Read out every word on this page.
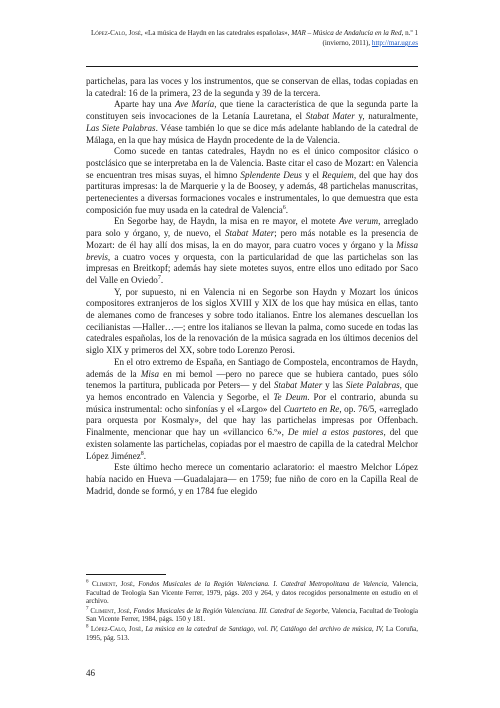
López-Calo, José, «La música de Haydn en las catedrales españolas», MAR – Música de Andalucía en la Red, n.º 1 (invierno, 2011), http://mar.ugr.es

partichelas, para las voces y los instrumentos, que se conservan de ellas, todas copiadas en la catedral: 16 de la primera, 23 de la segunda y 39 de la tercera.

Aparte hay una Ave María, que tiene la característica de que la segunda parte la constituyen seis invocaciones de la Letanía Lauretana, el Stabat Mater y, naturalmente, Las Siete Palabras. Véase también lo que se dice más adelante hablando de la catedral de Málaga, en la que hay música de Haydn procedente de la de Valencia.

Como sucede en tantas catedrales, Haydn no es el único compositor clásico o postclásico que se interpretaba en la de Valencia. Baste citar el caso de Mozart: en Valencia se encuentran tres misas suyas, el himno Splendente Deus y el Requiem, del que hay dos partituras impresas: la de Marquerie y la de Boosey, y además, 48 partichelas manuscritas, pertenecientes a diversas formaciones vocales e instrumentales, lo que demuestra que esta composición fue muy usada en la catedral de Valencia$^6$.

En Segorbe hay, de Haydn, la misa en re mayor, el motete Ave verum, arreglado para solo y órgano, y, de nuevo, el Stabat Mater; pero más notable es la presencia de Mozart: de él hay allí dos misas, la en do mayor, para cuatro voces y órgano y la Missa brevis, a cuatro voces y orquesta, con la particularidad de que las partichelas son las impresas en Breitkopf; además hay siete motetes suyos, entre ellos uno editado por Saco del Valle en Oviedo$^7$.

Y, por supuesto, ni en Valencia ni en Segorbe son Haydn y Mozart los únicos compositores extranjeros de los siglos XVIII y XIX de los que hay música en ellas, tanto de alemanes como de franceses y sobre todo italianos. Entre los alemanes descuellan los cecilianistas —Haller…—; entre los italianos se llevan la palma, como sucede en todas las catedrales españolas, los de la renovación de la música sagrada en los últimos decenios del siglo XIX y primeros del XX, sobre todo Lorenzo Perosi.

En el otro extremo de España, en Santiago de Compostela, encontramos de Haydn, además de la Misa en mi bemol —pero no parece que se hubiera cantado, pues sólo tenemos la partitura, publicada por Peters— y del Stabat Mater y las Siete Palabras, que ya hemos encontrado en Valencia y Segorbe, el Te Deum. Por el contrario, abunda su música instrumental: ocho sinfonías y el «Largo» del Cuarteto en Re, op. 76/5, «arreglado para orquesta por Kosmaly», del que hay las partichelas impresas por Offenbach. Finalmente, mencionar que hay un «villancico 6.º», De miel a estos pastores, del que existen solamente las partichelas, copiadas por el maestro de capilla de la catedral Melchor López Jiménez$^8$.

Este último hecho merece un comentario aclaratorio: el maestro Melchor López había nacido en Hueva —Guadalajara— en 1759; fue niño de coro en la Capilla Real de Madrid, donde se formó, y en 1784 fue elegido

$^6$ Climent, José, Fondos Musicales de la Región Valenciana. I. Catedral Metropolitana de Valencia, Valencia, Facultad de Teología San Vicente Ferrer, 1979, págs. 203 y 264, y datos recogidos personalmente en estudio en el archivo.

$^7$ Climent, José, Fondos Musicales de la Región Valenciana. III. Catedral de Segorbe, Valencia, Facultad de Teología San Vicente Ferrer, 1984, págs. 150 y 181.

$^8$ López-Calo, José, La música en la catedral de Santiago, vol. IV, Catálogo del archivo de música, IV, La Coruña, 1995, pág. 513.

46
